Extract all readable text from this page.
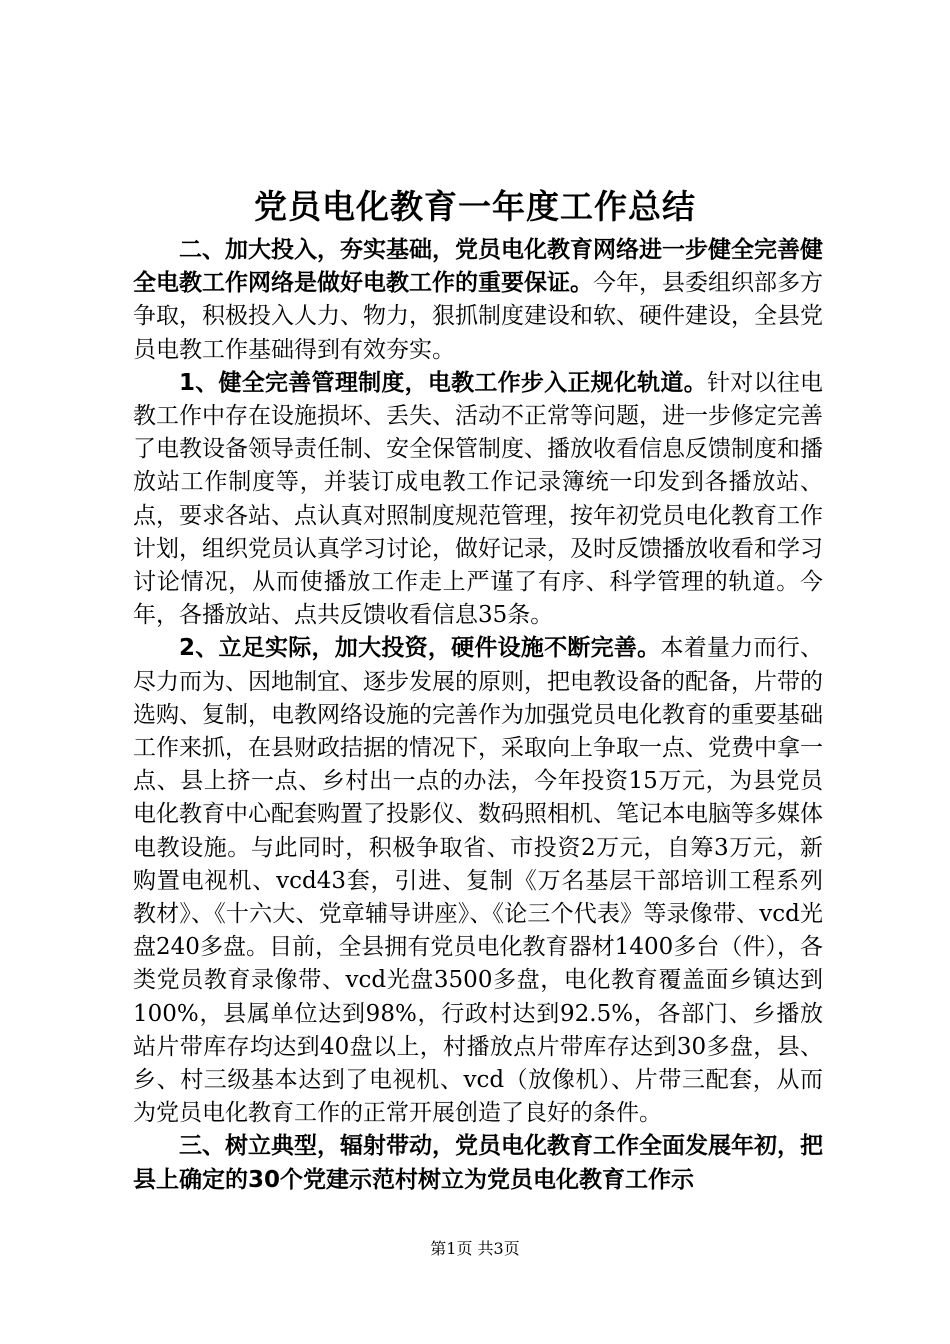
党员电化教育一年度工作总结

二、加大投入，夯实基础，党员电化教育网络进一步健全完善健全电教工作网络是做好电教工作的重要保证。今年，县委组织部多方争取，积极投入人力、物力，狠抓制度建设和软、硬件建设，全县党员电教工作基础得到有效夯实。

1、健全完善管理制度，电教工作步入正规化轨道。针对以往电教工作中存在设施损坏、丢失、活动不正常等问题，进一步修定完善了电教设备领导责任制、安全保管制度、播放收看信息反馈制度和播放站工作制度等，并装订成电教工作记录簿统一印发到各播放站、点，要求各站、点认真对照制度规范管理，按年初党员电化教育工作计划，组织党员认真学习讨论，做好记录，及时反馈播放收看和学习讨论情况，从而使播放工作走上严谨了有序、科学管理的轨道。今年，各播放站、点共反馈收看信息35条。

2、立足实际，加大投资，硬件设施不断完善。本着量力而行、尽力而为、因地制宜、逐步发展的原则，把电教设备的配备，片带的选购、复制，电教网络设施的完善作为加强党员电化教育的重要基础工作来抓，在县财政拮据的情况下，采取向上争取一点、党费中拿一点、县上挤一点、乡村出一点的办法，今年投资15万元，为县党员电化教育中心配套购置了投影仪、数码照相机、笔记本电脑等多媒体电教设施。与此同时，积极争取省、市投资2万元，自筹3万元，新购置电视机、vcd43套，引进、复制《万名基层干部培训工程系列教材》、《十六大、党章辅导讲座》、《论三个代表》等录像带、vcd光盘240多盘。目前，全县拥有党员电化教育器材1400多台（件），各类党员教育录像带、vcd光盘3500多盘，电化教育覆盖面乡镇达到100%，县属单位达到98%，行政村达到92.5%，各部门、乡播放站片带库存均达到40盘以上，村播放点片带库存达到30多盘，县、乡、村三级基本达到了电视机、vcd（放像机）、片带三配套，从而为党员电化教育工作的正常开展创造了良好的条件。

三、树立典型，辐射带动，党员电化教育工作全面发展年初，把县上确定的30个党建示范村树立为党员电化教育工作示

第1页 共3页
